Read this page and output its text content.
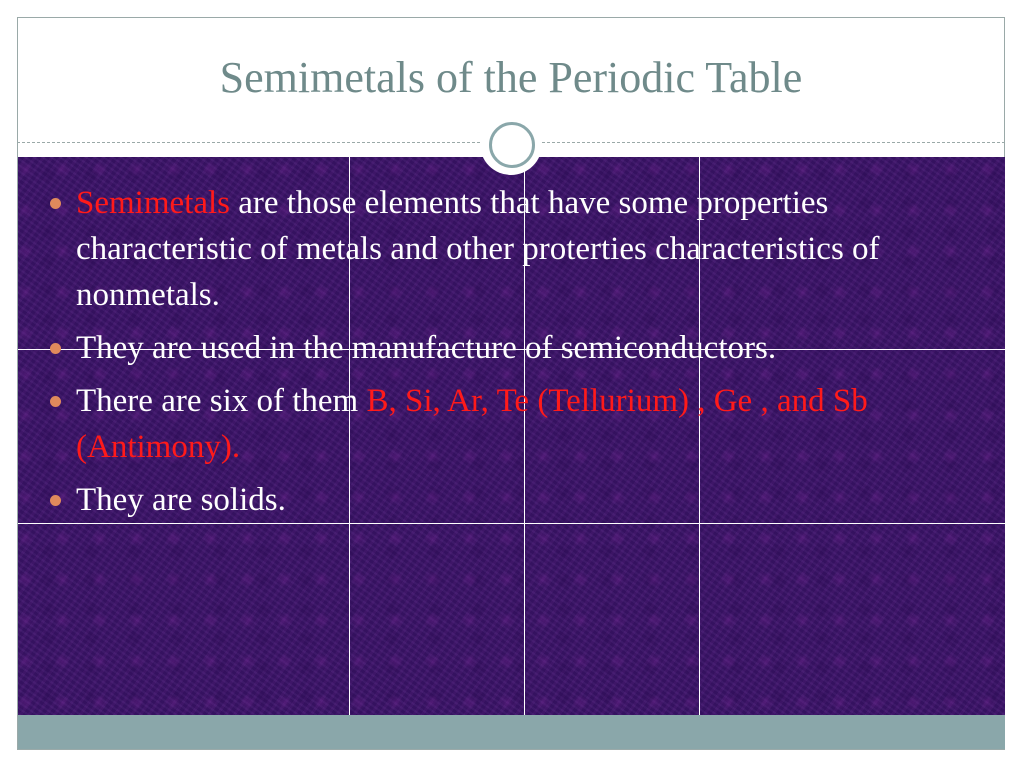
Semimetals of the Periodic Table
Semimetals are those elements that have some properties characteristic of metals and other proterties characteristics of nonmetals.
They are used in the manufacture of semiconductors.
There are six of them B, Si, Ar, Te (Tellurium) , Ge , and Sb (Antimony).
They are solids.
